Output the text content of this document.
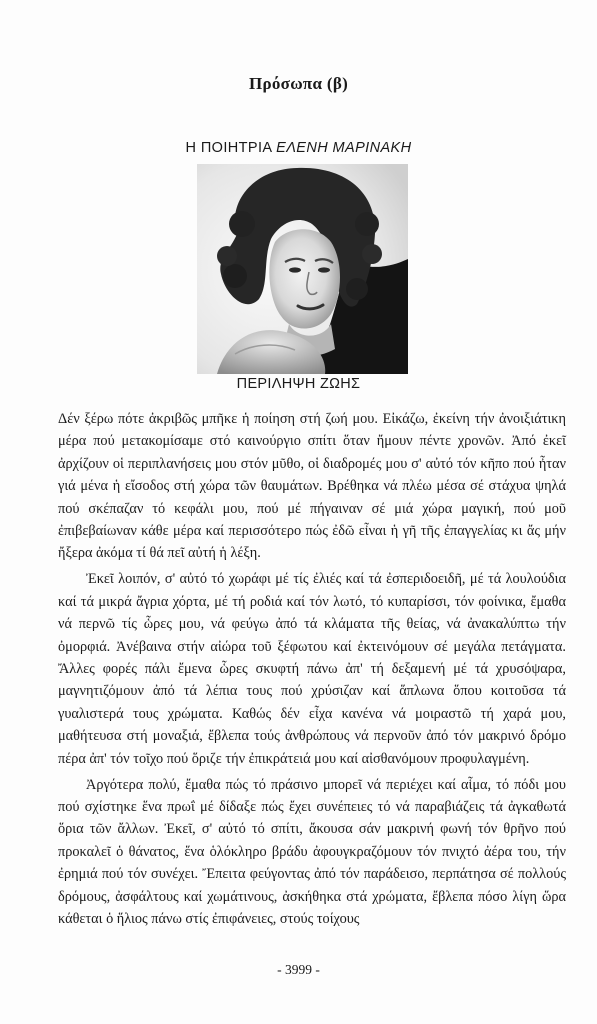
Πρόσωπα (β)
Η ΠΟΙΗΤΡΙΑ ΕΛΕΝΗ ΜΑΡΙΝΑΚΗ
ΠΕΡΙΛΗΨΗ ΖΩΗΣ

Δέν ξέρω πότε ἀκριβῶς μπῆκε ἡ ποίηση στή ζωή μου. Εἰκάζω, ἐκείνη τήν ἀνοιξιάτικη μέρα πού μετακομίσαμε στό καινούργιο σπίτι ὅταν ἤμουν πέντε χρονῶν. Ἀπό ἐκεῖ ἀρχίζουν οἱ περιπλανήσεις μου στόν μῦθο, οἱ διαδρομές μου σ' αὐτό τόν κῆπο πού ἦταν γιά μένα ἡ εἴσοδος στή χώρα τῶν θαυμάτων. Βρέθηκα νά πλέω μέσα σέ στάχυα ψηλά πού σκέπαζαν τό κεφάλι μου, πού μέ πήγαιναν σέ μιά χώρα μαγική, πού μοῦ ἐπιβεβαίωναν κάθε μέρα καί περισσότερο πώς ἐδῶ εἶναι ἡ γῆ τῆς ἐπαγγελίας κι ἄς μήν ἤξερα ἀκόμα τί θά πεῖ αὐτή ἡ λέξη.

Ἐκεῖ λοιπόν, σ' αὐτό τό χωράφι μέ τίς ἐλιές καί τά ἐσπεριδοειδῆ, μέ τά λουλούδια καί τά μικρά ἄγρια χόρτα, μέ τή ροδιά καί τόν λωτό, τό κυπαρίσσι, τόν φοίνικα, ἔμαθα νά περνῶ τίς ὧρες μου, νά φεύγω ἀπό τά κλάματα τῆς θείας, νά ἀνακαλύπτω τήν ὀμορφιά. Ἀνέβαινα στήν αἰώρα τοῦ ξέφωτου καί ἐκτεινόμουν σέ μεγάλα πετάγματα. Ἄλλες φορές πάλι ἔμενα ὧρες σκυφτή πάνω ἀπ' τή δεξαμενή μέ τά χρυσόψαρα, μαγνητιζόμουν ἀπό τά λέπια τους πού χρύσιζαν καί ἅπλωνα ὅπου κοιτοῦσα τά γυαλιστερά τους χρώματα. Καθώς δέν εἶχα κανένα νά μοιραστῶ τή χαρά μου, μαθήτευσα στή μοναξιά, ἔβλεπα τούς ἀνθρώπους νά περνοῦν ἀπό τόν μακρινό δρόμο πέρα ἀπ' τόν τοῖχο πού ὅριζε τήν ἐπικράτειά μου καί αἰσθανόμουν προφυλαγμένη.

Ἀργότερα πολύ, ἔμαθα πώς τό πράσινο μπορεῖ νά περιέχει καί αἷμα, τό πόδι μου πού σχίστηκε ἕνα πρωΐ μέ δίδαξε πώς ἔχει συνέπειες τό νά παραβιάζεις τά ἀγκαθωτά ὅρια τῶν ἄλλων. Ἐκεῖ, σ' αὐτό τό σπίτι, ἄκουσα σάν μακρινή φωνή τόν θρῆνο πού προκαλεῖ ὁ θάνατος, ἕνα ὁλόκληρο βράδυ ἀφουγκραζόμουν τόν πνιχτό ἀέρα του, τήν ἐρημιά πού τόν συνέχει. Ἔπειτα φεύγοντας ἀπό τόν παράδεισο, περπάτησα σέ πολλούς δρόμους, ἀσφάλτους καί χωμάτινους, ἀσκήθηκα στά χρώματα, ἔβλεπα πόσο λίγη ὥρα κάθεται ὁ ἥλιος πάνω στίς ἐπιφάνειες, στούς τοίχους

- 3999 -
